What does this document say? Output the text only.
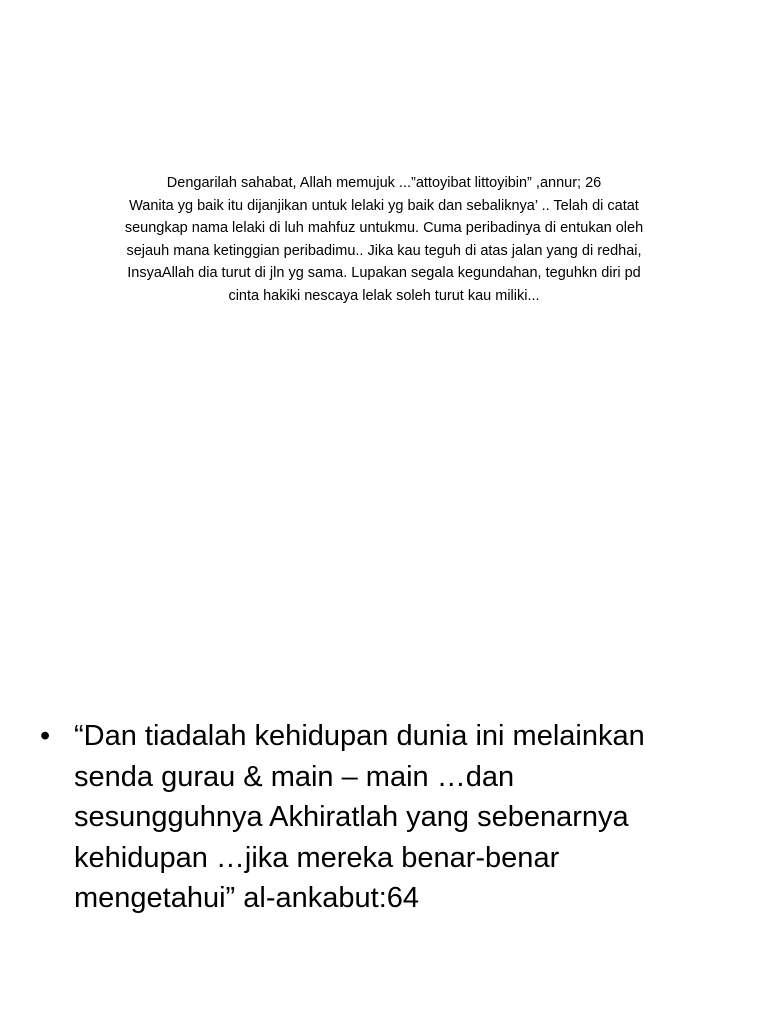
Dengarilah sahabat, Allah memujuk ...”attoyibat littoyibin” ,annur; 26
Wanita yg baik itu dijanjikan untuk lelaki yg baik dan sebaliknya’ .. Telah di catat
seungkap nama lelaki di luh mahfuz untukmu. Cuma peribadinya di entukan oleh
sejauh mana ketinggian peribadimu.. Jika kau teguh di atas jalan yang di redhai,
InsyaAllah dia turut di jln yg sama. Lupakan segala kegundahan, teguhkn diri pd
cinta hakiki nescaya lelak soleh turut kau miliki...
• “Dan tiadalah kehidupan dunia ini melainkan
senda gurau & main – main …dan
sesungguhnya Akhiratlah yang sebenarnya
kehidupan …jika mereka benar-benar
mengetahui” al-ankabut:64
